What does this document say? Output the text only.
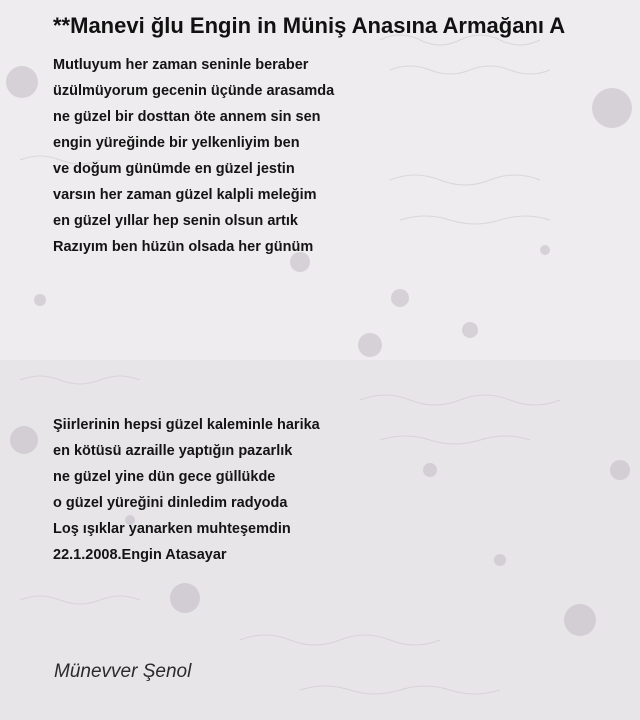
**Manevi ğlu Engin in Müniş Anasına Armağanı A
Mutluyum her zaman seninle beraber
üzülmüyorum gecenin üçünde arasamda
ne güzel bir dosttan öte annem sin sen
engin yüreğinde bir yelkenliyim ben
ve doğum günümde en güzel jestin
varsın her zaman güzel kalpli meleğim
en güzel yıllar hep senin olsun artık
Razıyım ben hüzün olsada her günüm
Şiirlerinin hepsi güzel kaleminle harika
en kötüsü azraille yaptığın pazarlık
ne güzel yine dün gece güllükde
o güzel yüreğini dinledim radyoda
Loş ışıklar yanarken muhteşemdin
22.1.2008.Engin Atasayar
Münevver Şenol
